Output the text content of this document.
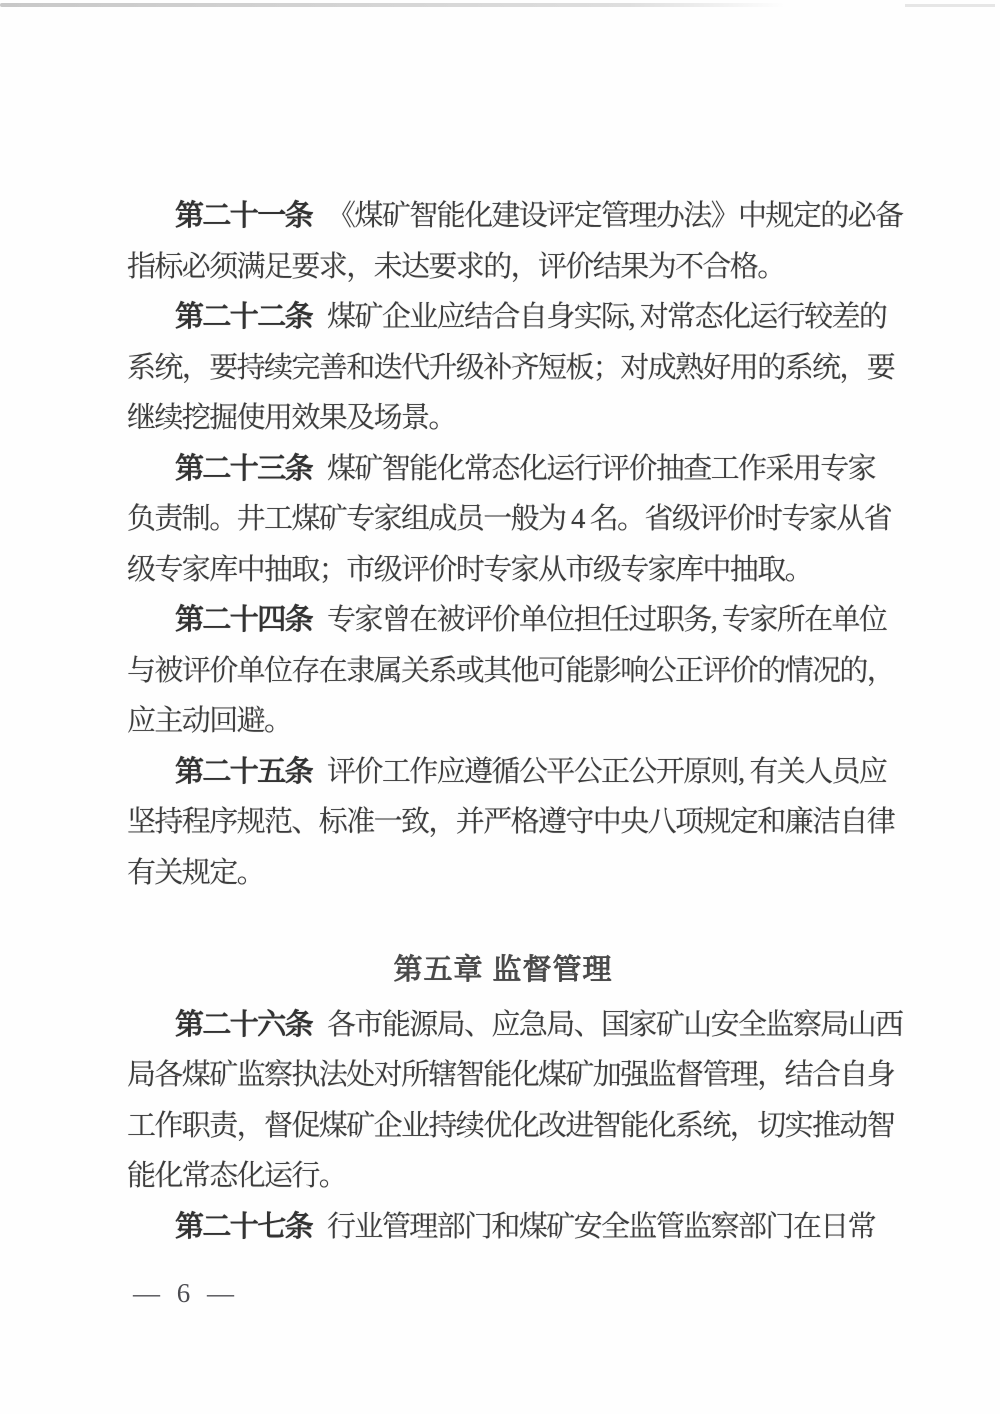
第二十一条 《煤矿智能化建设评定管理办法》中规定的必备
指标必须满足要求，未达要求的，评价结果为不合格。
第二十二条 煤矿企业应结合自身实际, 对常态化运行较差的
系统，要持续完善和迭代升级补齐短板；对成熟好用的系统，要
继续挖掘使用效果及场景。
第二十三条 煤矿智能化常态化运行评价抽查工作采用专家
负责制。井工煤矿专家组成员一般为 4 名。省级评价时专家从省
级专家库中抽取；市级评价时专家从市级专家库中抽取。
第二十四条 专家曾在被评价单位担任过职务, 专家所在单位
与被评价单位存在隶属关系或其他可能影响公正评价的情况的，
应主动回避。
第二十五条 评价工作应遵循公平公正公开原则, 有关人员应
坚持程序规范、标准一致，并严格遵守中央八项规定和廉洁自律
有关规定。
第五章 监督管理
第二十六条 各市能源局、应急局、国家矿山安全监察局山西
局各煤矿监察执法处对所辖智能化煤矿加强监督管理，结合自身
工作职责，督促煤矿企业持续优化改进智能化系统，切实推动智
能化常态化运行。
第二十七条 行业管理部门和煤矿安全监管监察部门在日常
— 6 —
